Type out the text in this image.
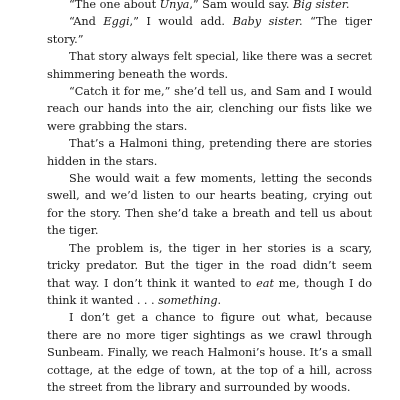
“The one about Unya,” Sam would say. Big sister.

“And Eggi,” I would add. Baby sister. “The tiger story.”

That story always felt special, like there was a secret shimmering beneath the words.

“Catch it for me,” she’d tell us, and Sam and I would reach our hands into the air, clenching our fists like we were grabbing the stars.

That’s a Halmoni thing, pretending there are stories hidden in the stars.

She would wait a few moments, letting the seconds swell, and we’d listen to our hearts beating, crying out for the story. Then she’d take a breath and tell us about the tiger.

The problem is, the tiger in her stories is a scary, tricky predator. But the tiger in the road didn’t seem that way. I don’t think it wanted to eat me, though I do think it wanted . . . something.

I don’t get a chance to figure out what, because there are no more tiger sightings as we crawl through Sunbeam. Finally, we reach Halmoni’s house. It’s a small cottage, at the edge of town, at the top of a hill, across the street from the library and surrounded by woods.
